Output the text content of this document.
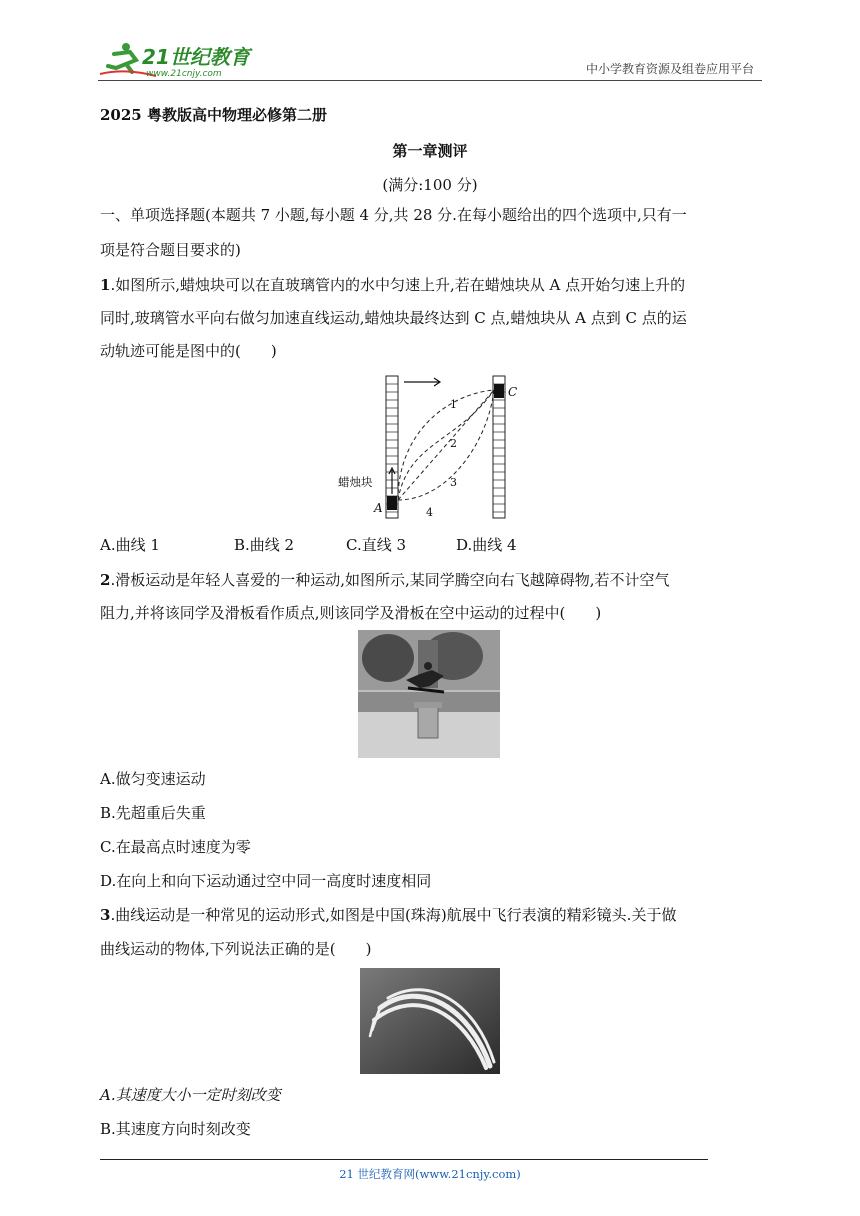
21世纪教育
www.21cnjy.com	中小学教育资源及组卷应用平台
2025 粤教版高中物理必修第二册
第一章测评
(满分:100 分)
一、单项选择题(本题共 7 小题,每小题 4 分,共 28 分.在每小题给出的四个选项中,只有一
项是符合题目要求的)
1.如图所示,蜡烛块可以在直玻璃管内的水中匀速上升,若在蜡烛块从 A 点开始匀速上升的
同时,玻璃管水平向右做匀加速直线运动,蜡烛块最终达到 C 点,蜡烛块从 A 点到 C 点的运
动轨迹可能是图中的(　　)
1
2
3
4
蜡烛块
A
C
A.曲线 1	B.曲线 2	C.直线 3	D.曲线 4
2.滑板运动是年轻人喜爱的一种运动,如图所示,某同学腾空向右飞越障碍物,若不计空气
阻力,并将该同学及滑板看作质点,则该同学及滑板在空中运动的过程中(　　)
A.做匀变速运动
B.先超重后失重
C.在最高点时速度为零
D.在向上和向下运动通过空中同一高度时速度相同
3.曲线运动是一种常见的运动形式,如图是中国(珠海)航展中飞行表演的精彩镜头.关于做
曲线运动的物体,下列说法正确的是(　　)
A.其速度大小一定时刻改变
B.其速度方向时刻改变
21 世纪教育网(www.21cnjy.com)
